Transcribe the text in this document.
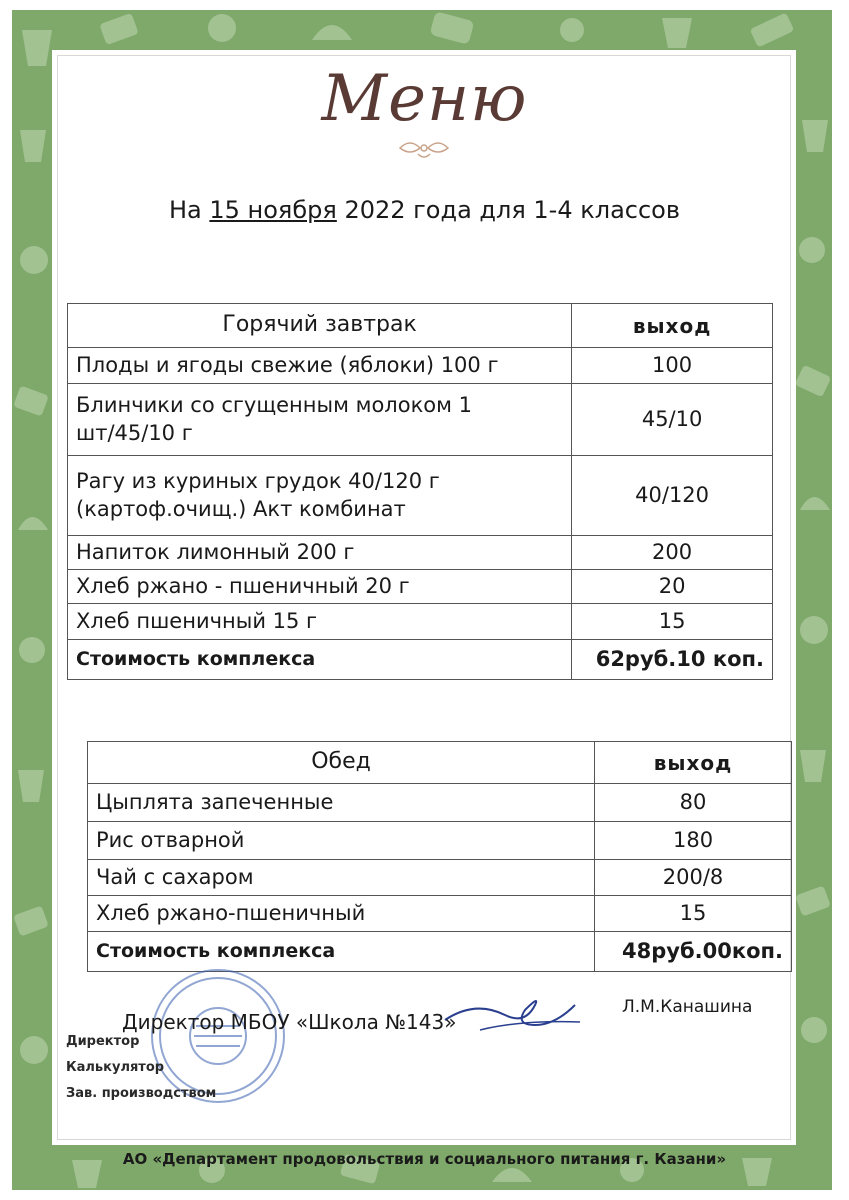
Меню
На 15 ноября 2022 года для 1-4 классов
Горячий завтрак	выход
Плоды и ягоды свежие (яблоки) 100 г	100
Блинчики со сгущенным молоком 1 шт/45/10 г	45/10
Рагу из куриных грудок 40/120 г (картоф.очищ.) Акт комбинат	40/120
Напиток лимонный 200 г	200
Хлеб ржано - пшеничный 20 г	20
Хлеб пшеничный 15 г	15
Стоимость комплекса	62руб.10 коп.
Обед	выход
Цыплята запеченные	80
Рис отварной	180
Чай с сахаром	200/8
Хлеб ржано-пшеничный	15
Стоимость комплекса	48руб.00коп.
Директор МБОУ «Школа №143»
Л.М.Канашина
Директор
Калькулятор
Зав. производством
АО «Департамент продовольствия и социального питания г. Казани»
